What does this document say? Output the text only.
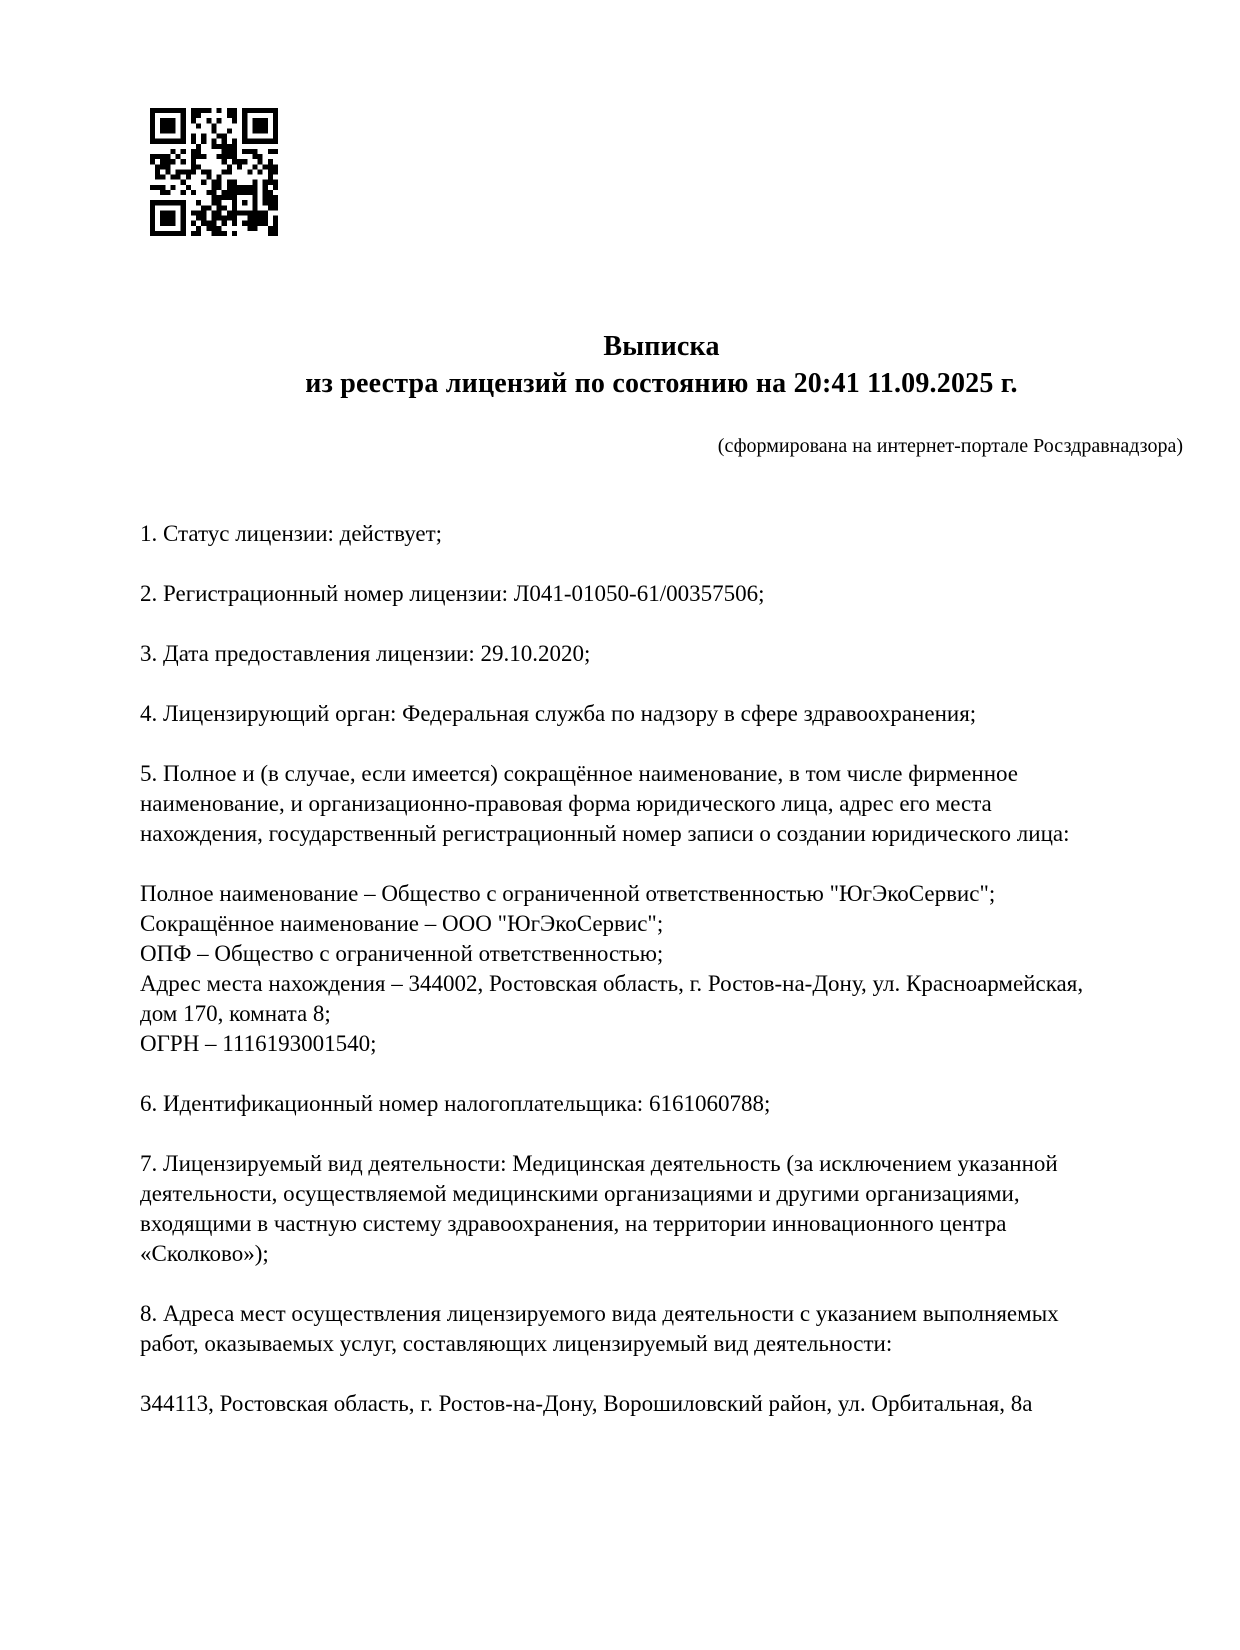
Выписка
из реестра лицензий по состоянию на 20:41 11.09.2025 г.
(сформирована на интернет-портале Росздравнадзора)

1. Статус лицензии: действует;

2. Регистрационный номер лицензии: Л041-01050-61/00357506;

3. Дата предоставления лицензии: 29.10.2020;

4. Лицензирующий орган: Федеральная служба по надзору в сфере здравоохранения;

5. Полное и (в случае, если имеется) сокращённое наименование, в том числе фирменное
наименование, и организационно-правовая форма юридического лица, адрес его места
нахождения, государственный регистрационный номер записи о создании юридического лица:

Полное наименование – Общество с ограниченной ответственностью "ЮгЭкоСервис";
Сокращённое наименование – ООО "ЮгЭкоСервис";
ОПФ – Общество с ограниченной ответственностью;
Адрес места нахождения – 344002, Ростовская область, г. Ростов-на-Дону, ул. Красноармейская,
дом 170, комната 8;
ОГРН – 1116193001540;

6. Идентификационный номер налогоплательщика: 6161060788;

7. Лицензируемый вид деятельности: Медицинская деятельность (за исключением указанной
деятельности, осуществляемой медицинскими организациями и другими организациями,
входящими в частную систему здравоохранения, на территории инновационного центра
«Сколково»);

8. Адреса мест осуществления лицензируемого вида деятельности с указанием выполняемых
работ, оказываемых услуг, составляющих лицензируемый вид деятельности:

344113, Ростовская область, г. Ростов-на-Дону, Ворошиловский район, ул. Орбитальная, 8а
